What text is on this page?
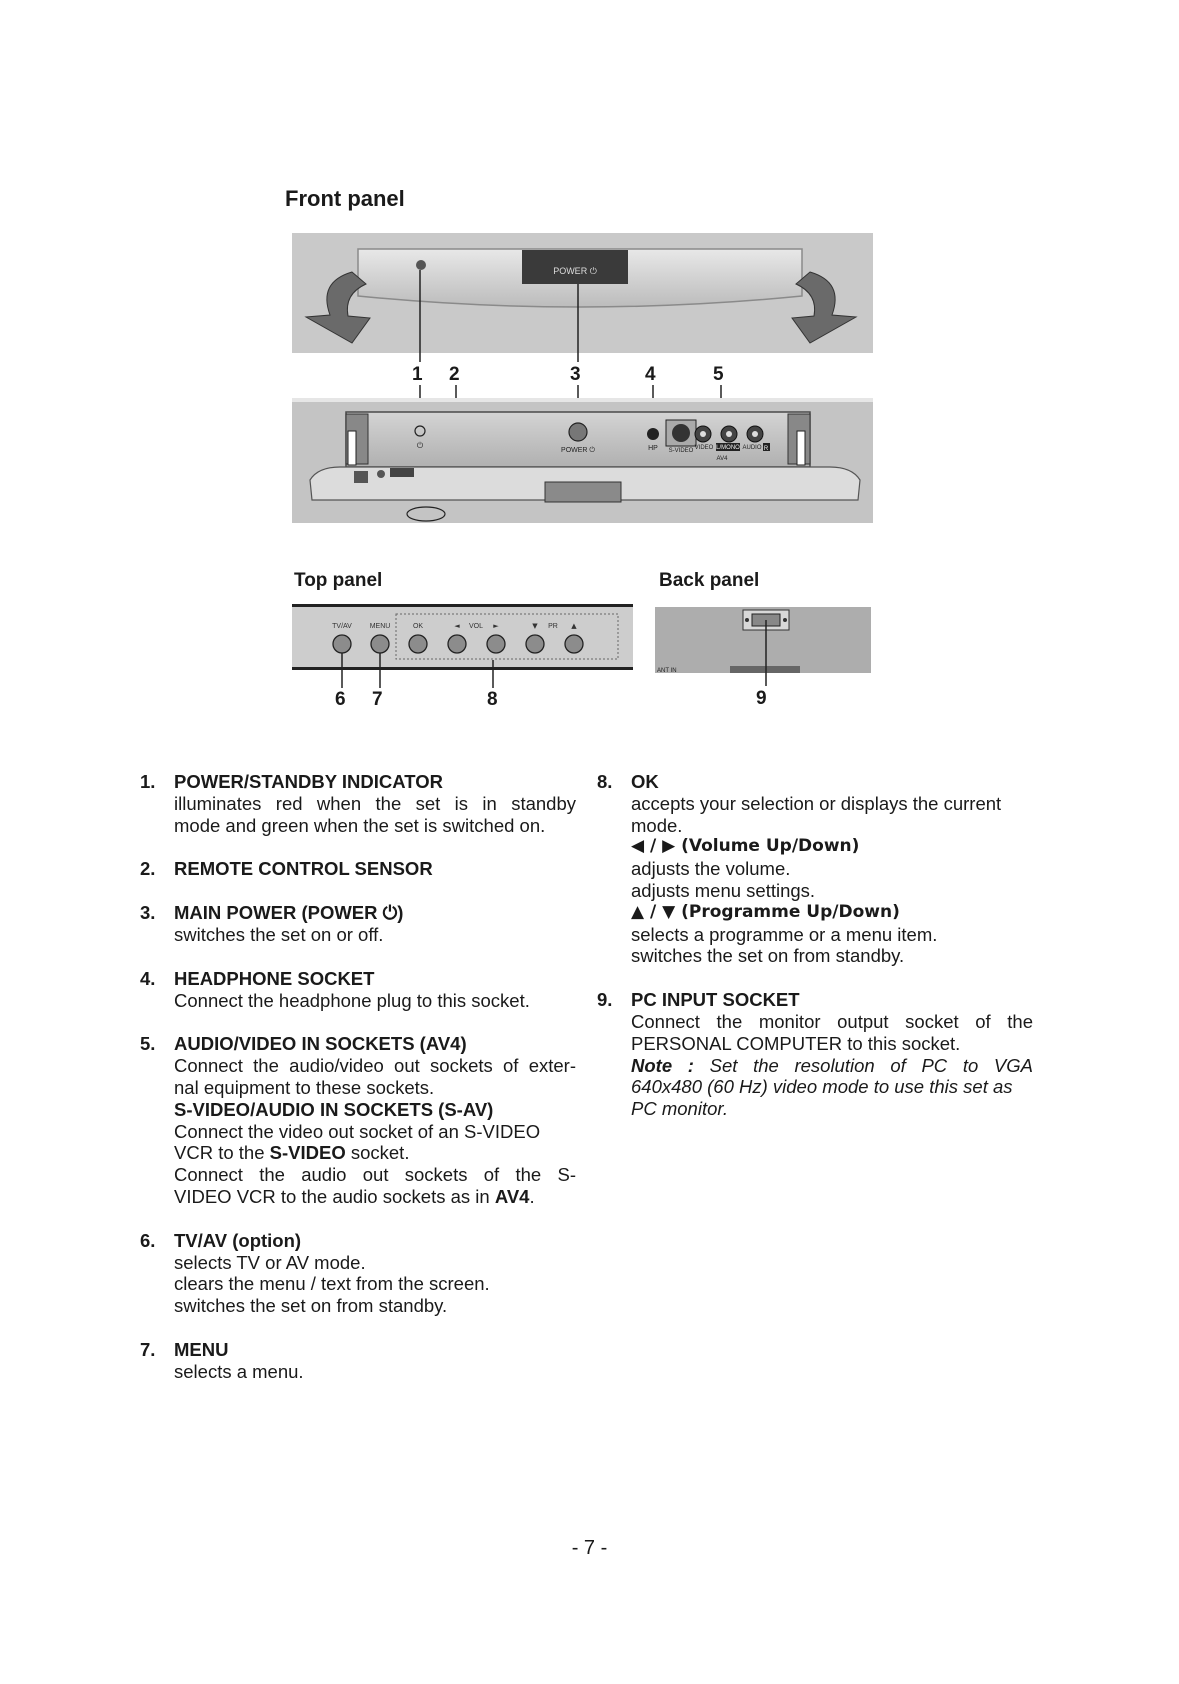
Front panel
POWER ⏻
⏻
POWER ⏻	HP S-VIDEO VIDEO L/MONO AUDIO R
AV4
1 2	3	4	5
Top panel
TV/AV	MENU	OK	◄ VOL ►	▼ PR ▲
ANT IN
Back panel
6 7	8	9
1. POWER/STANDBY INDICATOR
illuminates red when the set is in standby
mode and green when the set is switched on.
2. REMOTE CONTROL SENSOR
3. MAIN POWER (POWER ⏻)
switches the set on or off.
4. HEADPHONE SOCKET
Connect the headphone plug to this socket.
5. AUDIO/VIDEO IN SOCKETS (AV4)
Connect the audio/video out sockets of exter-
nal equipment to these sockets.
S-VIDEO/AUDIO IN SOCKETS (S-AV)
Connect the video out socket of an S-VIDEO
VCR to the S-VIDEO socket.
Connect the audio out sockets of the S-
VIDEO VCR to the audio sockets as in AV4.
6. TV/AV (option)
selects TV or AV mode.
clears the menu / text from the screen.
switches the set on from standby.
7. MENU
selects a menu.
8. OK
accepts your selection or displays the current
mode.
◀ / ▶ (Volume Up/Down)
adjusts the volume.
adjusts menu settings.
▲ / ▼ (Programme Up/Down)
selects a programme or a menu item.
switches the set on from standby.
9. PC INPUT SOCKET
Connect the monitor output socket of the
PERSONAL COMPUTER to this socket.
Note : Set the resolution of PC to VGA
640x480 (60 Hz) video mode to use this set as
PC monitor.
- 7 -
